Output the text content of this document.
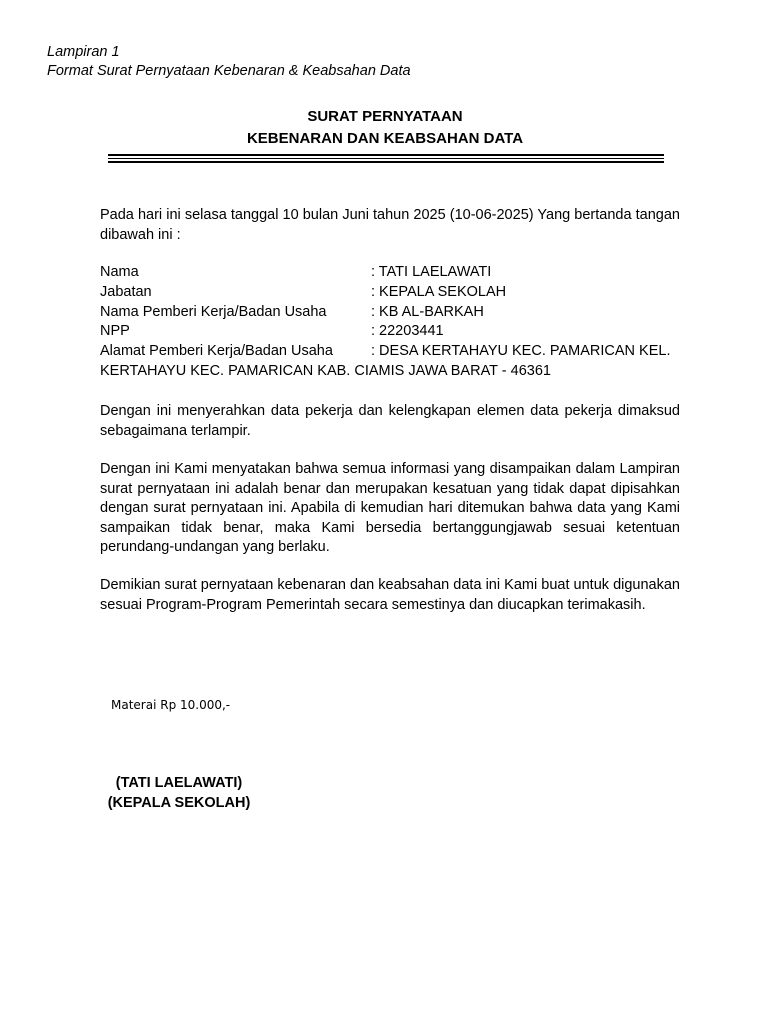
Lampiran 1
Format Surat Pernyataan Kebenaran & Keabsahan Data
SURAT PERNYATAAN
KEBENARAN DAN KEABSAHAN DATA
Pada hari ini selasa tanggal 10 bulan Juni tahun 2025 (10-06-2025) Yang bertanda tangan dibawah ini :
Nama	: TATI LAELAWATI
Jabatan	: KEPALA SEKOLAH
Nama Pemberi Kerja/Badan Usaha	: KB AL-BARKAH
NPP	: 22203441
Alamat Pemberi Kerja/Badan Usaha	: DESA KERTAHAYU KEC. PAMARICAN KEL.
KERTAHAYU KEC. PAMARICAN KAB. CIAMIS JAWA BARAT - 46361
Dengan ini menyerahkan data pekerja dan kelengkapan elemen data pekerja dimaksud sebagaimana terlampir.
Dengan ini Kami menyatakan bahwa semua informasi yang disampaikan dalam Lampiran surat pernyataan ini adalah benar dan merupakan kesatuan yang tidak dapat dipisahkan dengan surat pernyataan ini. Apabila di kemudian hari ditemukan bahwa data yang Kami sampaikan tidak benar, maka Kami bersedia bertanggungjawab sesuai ketentuan perundang-undangan yang berlaku.
Demikian surat pernyataan kebenaran dan keabsahan data ini Kami buat untuk digunakan sesuai Program-Program Pemerintah secara semestinya dan diucapkan terimakasih.
Materai Rp 10.000,-
(TATI LAELAWATI)
(KEPALA SEKOLAH)
